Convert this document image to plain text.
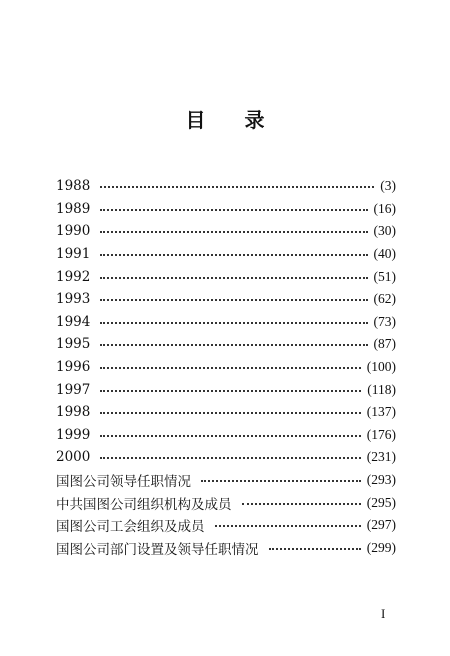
目 录
1988	(3)
1989	(16)
1990	(30)
1991	(40)
1992	(51)
1993	(62)
1994	(73)
1995	(87)
1996	(100)
1997	(118)
1998	(137)
1999	(176)
2000	(231)
国图公司领导任职情况	(293)
中共国图公司组织机构及成员	(295)
国图公司工会组织及成员	(297)
国图公司部门设置及领导任职情况	(299)
I
